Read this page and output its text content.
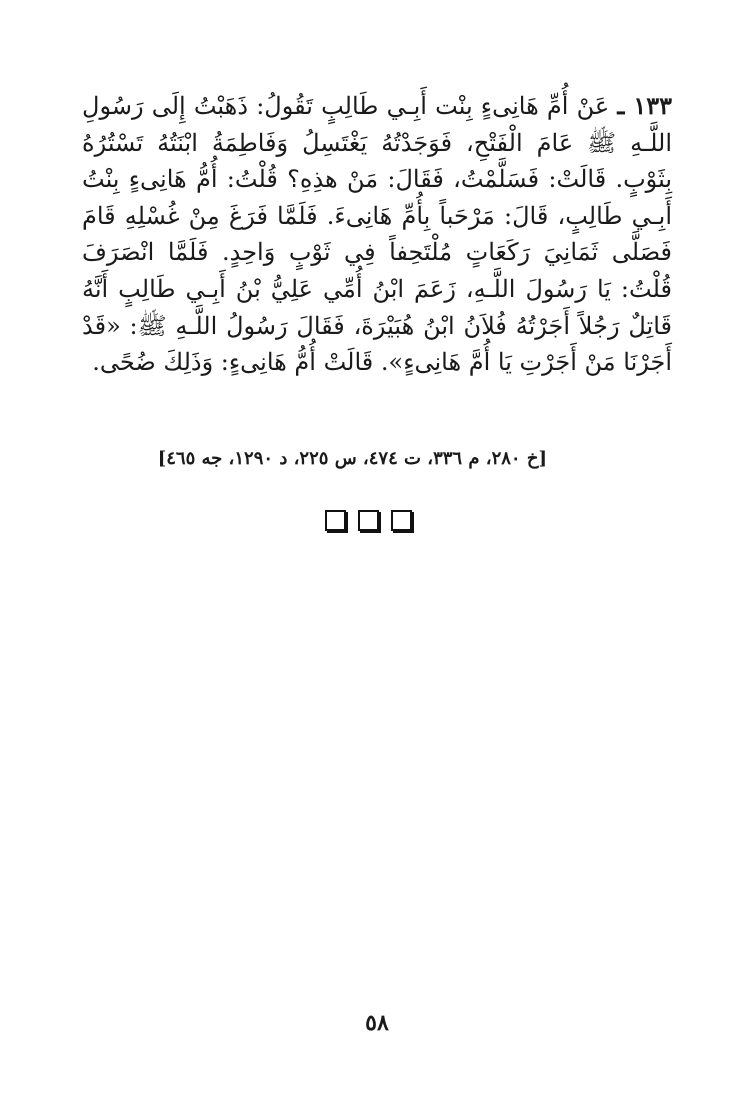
١٣٣ ـ عَنْ أُمِّ هَانِىءٍ بِنْت أَبِـي طَالِبٍ تَقُولُ: ذَهَبْتُ إِلَى رَسُولِ اللَّـهِ ﷺ عَامَ الْفَتْحِ، فَوَجَدْتُهُ يَغْتَسِلُ وَفَاطِمَةُ ابْنَتُهُ تَسْتُرُهُ بِثَوْبٍ. قَالَتْ: فَسَلَّمْتُ، فَقَالَ: مَنْ هذِهِ؟ قُلْتُ: أُمُّ هَانِىءٍ بِنْتُ أَبِـي طَالِبٍ، قَالَ: مَرْحَباً بِأُمِّ هَانِىءَ. فَلَمَّا فَرَغَ مِنْ غُسْلِهِ قَامَ فَصَلَّى ثَمَانِيَ رَكَعَاتٍ مُلْتَحِفاً فِي ثَوْبٍ وَاحِدٍ. فَلَمَّا انْصَرَفَ قُلْتُ: يَا رَسُولَ اللَّـهِ، زَعَمَ ابْنُ أُمِّي عَلِيُّ بْنُ أَبِـي طَالِبٍ أَنَّهُ قَاتِلٌ رَجُلاً أَجَرْتُهُ فُلاَنُ ابْنُ هُبَيْرَةَ، فَقَالَ رَسُولُ اللَّـهِ ﷺ: «قَدْ أَجَرْنَا مَنْ أَجَرْتِ يَا أُمَّ هَانِىءٍ». قَالَتْ أُمُّ هَانِىءٍ: وَذَلِكَ ضُحًى.

[خ ٢٨٠، م ٣٣٦، ت ٤٧٤، س ٢٢٥، د ١٢٩٠، جه ٤٦٥]

٥٨
